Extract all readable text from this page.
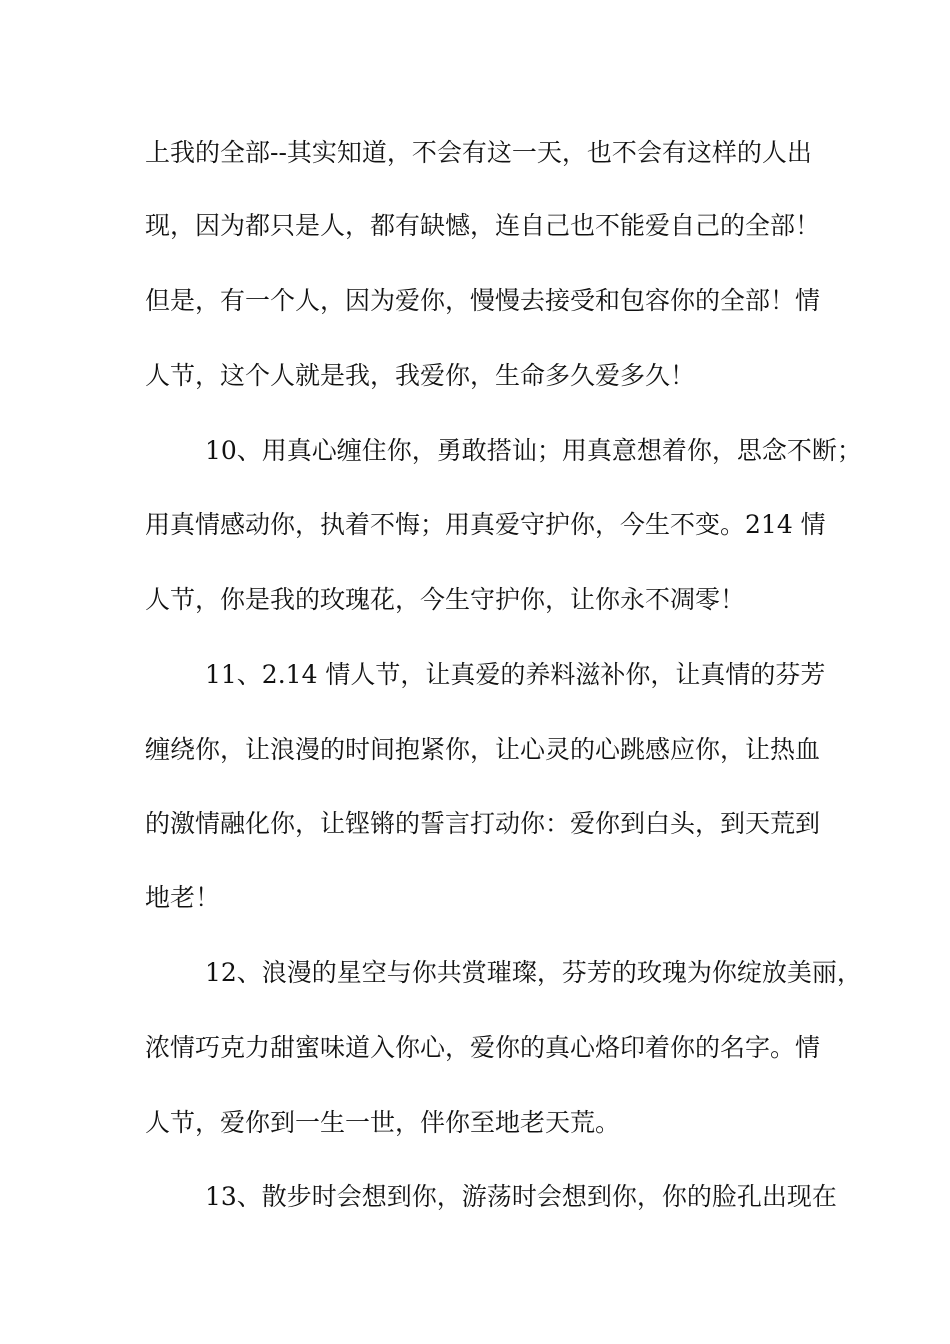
上我的全部--其实知道，不会有这一天，也不会有这样的人出
现，因为都只是人，都有缺憾，连自己也不能爱自己的全部！
但是，有一个人，因为爱你，慢慢去接受和包容你的全部！情
人节，这个人就是我，我爱你，生命多久爱多久！
10、用真心缠住你，勇敢搭讪；用真意想着你，思念不断；
用真情感动你，执着不悔；用真爱守护你，今生不变。214 情
人节，你是我的玫瑰花，今生守护你，让你永不凋零！
11、2.14 情人节，让真爱的养料滋补你，让真情的芬芳
缠绕你，让浪漫的时间抱紧你，让心灵的心跳感应你，让热血
的激情融化你，让铿锵的誓言打动你：爱你到白头，到天荒到
地老！
12、浪漫的星空与你共赏璀璨，芬芳的玫瑰为你绽放美丽，
浓情巧克力甜蜜味道入你心，爱你的真心烙印着你的名字。情
人节，爱你到一生一世，伴你至地老天荒。
13、散步时会想到你，游荡时会想到你，你的脸孔出现在
